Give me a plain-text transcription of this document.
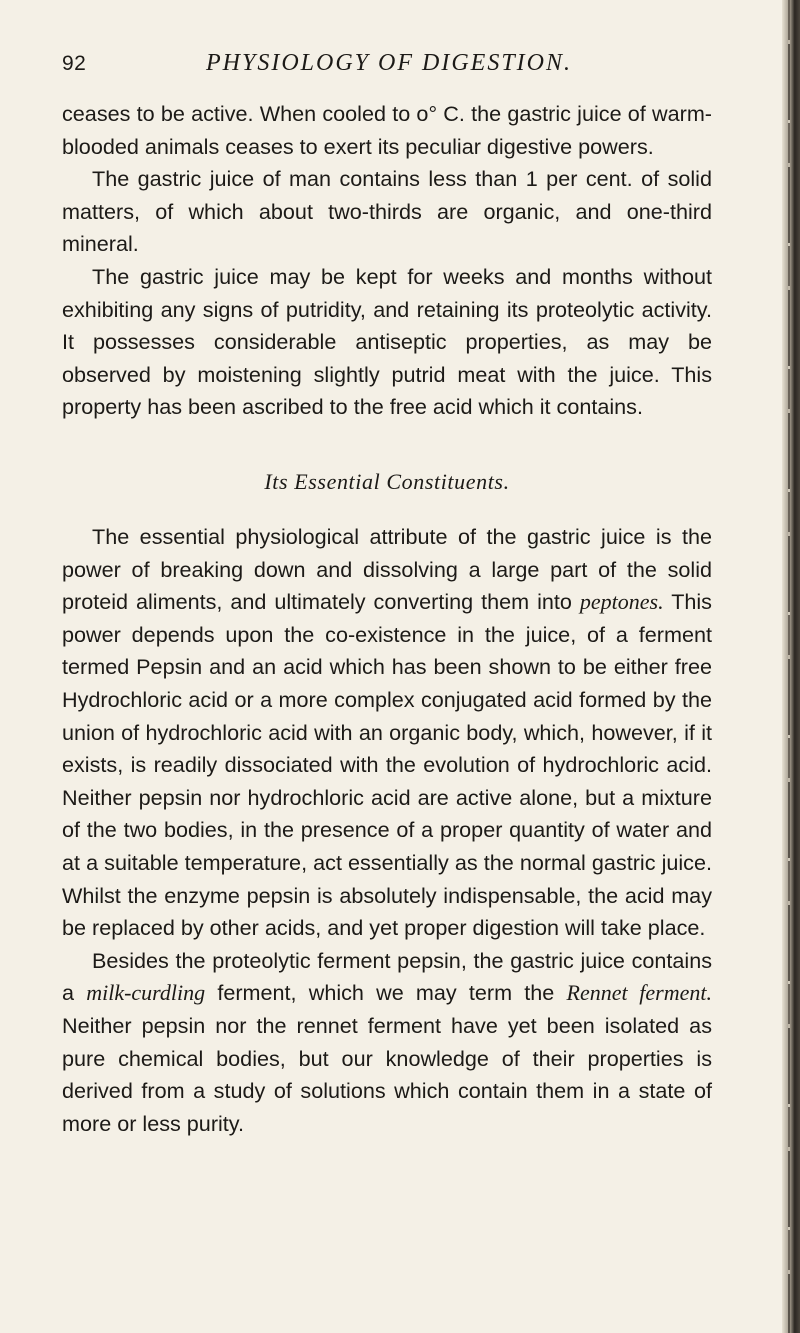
92	PHYSIOLOGY OF DIGESTION.

ceases to be active. When cooled to o° C. the gastric juice of warm-blooded animals ceases to exert its peculiar digestive powers.

The gastric juice of man contains less than 1 per cent. of solid matters, of which about two-thirds are organic, and one-third mineral.

The gastric juice may be kept for weeks and months without exhibiting any signs of putridity, and retaining its proteolytic activity. It possesses considerable antiseptic properties, as may be observed by moistening slightly putrid meat with the juice. This property has been ascribed to the free acid which it contains.

Its Essential Constituents.

The essential physiological attribute of the gastric juice is the power of breaking down and dissolving a large part of the solid proteid aliments, and ultimately converting them into peptones. This power depends upon the co-existence in the juice, of a ferment termed Pepsin and an acid which has been shown to be either free Hydrochloric acid or a more complex conjugated acid formed by the union of hydrochloric acid with an organic body, which, however, if it exists, is readily dissociated with the evolution of hydrochloric acid. Neither pepsin nor hydrochloric acid are active alone, but a mixture of the two bodies, in the presence of a proper quantity of water and at a suitable temperature, act essentially as the normal gastric juice. Whilst the enzyme pepsin is absolutely indispensable, the acid may be replaced by other acids, and yet proper digestion will take place.

Besides the proteolytic ferment pepsin, the gastric juice contains a milk-curdling ferment, which we may term the Rennet ferment. Neither pepsin nor the rennet ferment have yet been isolated as pure chemical bodies, but our knowledge of their properties is derived from a study of solutions which contain them in a state of more or less purity.
